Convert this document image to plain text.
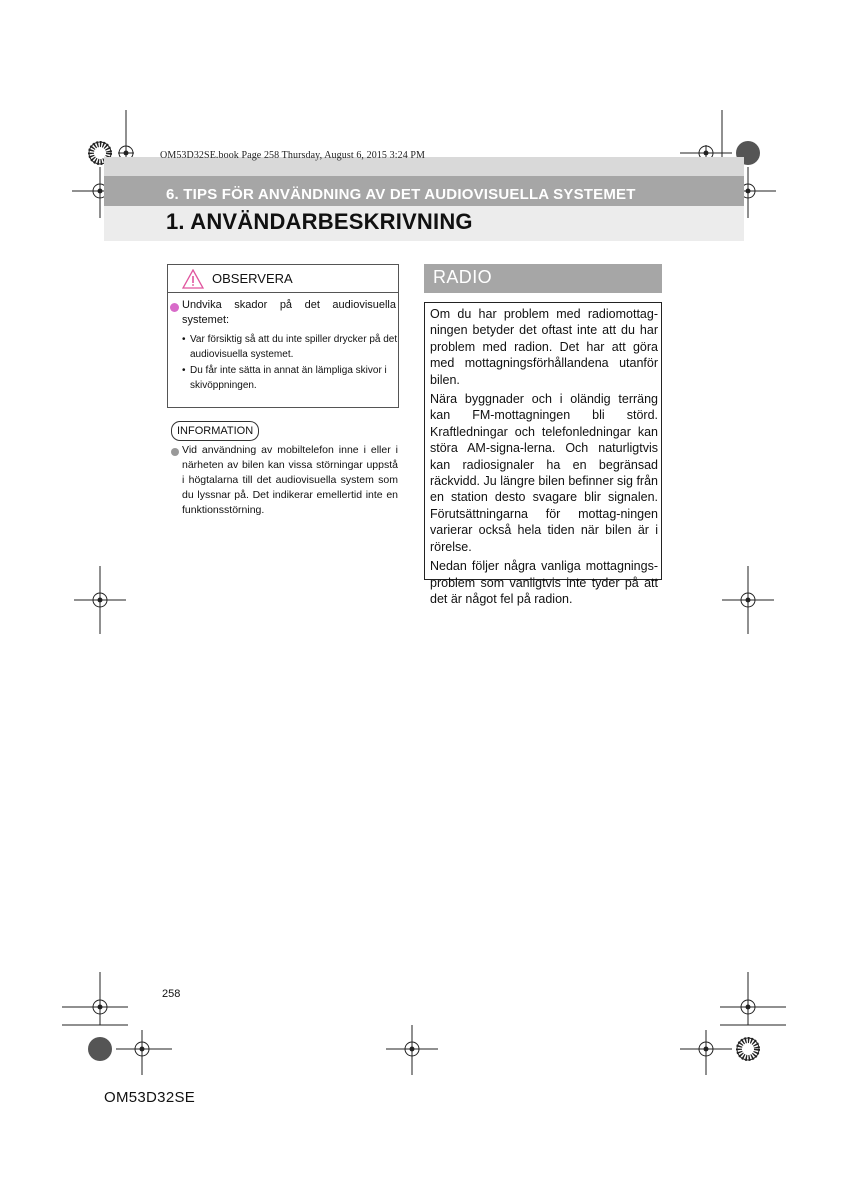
OM53D32SE.book Page 258 Thursday, August 6, 2015 3:24 PM
6. TIPS FÖR ANVÄNDNING AV DET AUDIOVISUELLA SYSTEMET
1. ANVÄNDARBESKRIVNING
OBSERVERA
Undvika skador på det audiovisuella systemet:
• Var försiktig så att du inte spiller drycker på det audiovisuella systemet.
• Du får inte sätta in annat än lämpliga skivor i skivöppningen.
INFORMATION
Vid användning av mobiltelefon inne i eller i närheten av bilen kan vissa störningar uppstå i högtalarna till det audiovisuella system som du lyssnar på. Det indikerar emellertid inte en funktionsstörning.
RADIO

Om du har problem med radiomottag-ningen betyder det oftast inte att du har problem med radion. Det har att göra med mottagningsförhållandena utanför bilen.

Nära byggnader och i oländig terräng kan FM-mottagningen bli störd. Kraftledningar och telefonledningar kan störa AM-signa-lerna. Och naturligtvis kan radiosignaler ha en begränsad räckvidd. Ju längre bilen befinner sig från en station desto svagare blir signalen. Förutsättningarna för mottag-ningen varierar också hela tiden när bilen är i rörelse.

Nedan följer några vanliga mottagnings-problem som vanligtvis inte tyder på att det är något fel på radion.

258
OM53D32SE
